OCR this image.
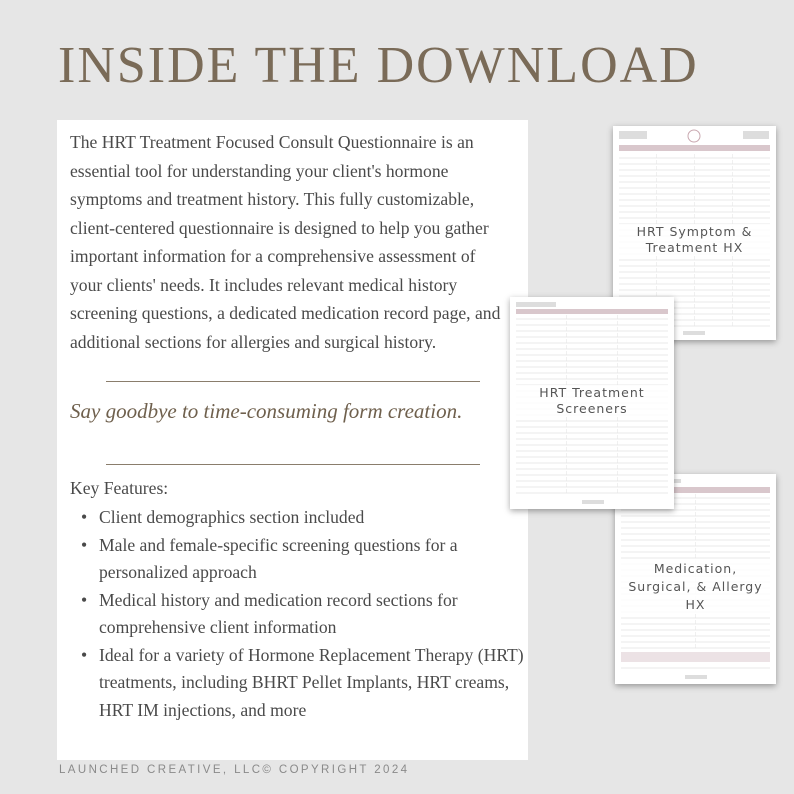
INSIDE THE DOWNLOAD
The HRT Treatment Focused Consult Questionnaire is an essential tool for understanding your client's hormone symptoms and treatment history. This fully customizable, client-centered questionnaire is designed to help you gather important information for a comprehensive assessment of your clients' needs. It includes relevant medical history screening questions, a dedicated medication record page, and additional sections for allergies and surgical history.
Say goodbye to time-consuming form creation.
Key Features:
• Client demographics section included
• Male and female-specific screening questions for a personalized approach
• Medical history and medication record sections for comprehensive client information
• Ideal for a variety of Hormone Replacement Therapy (HRT) treatments, including BHRT Pellet Implants, HRT creams, HRT IM injections, and more
HRT Symptom & Treatment HX
Medication, Surgical, & Allergy HX
HRT Treatment Screeners
LAUNCHED CREATIVE, LLC© COPYRIGHT 2024
